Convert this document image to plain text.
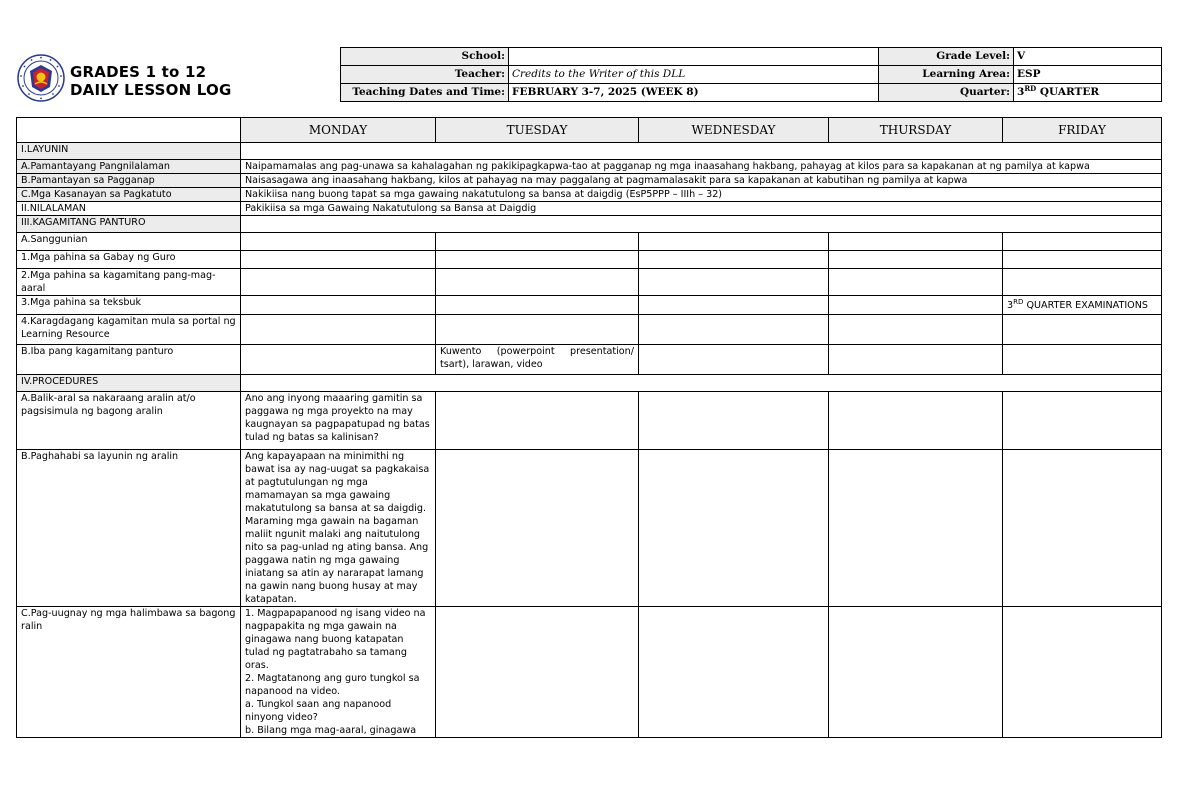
GRADES 1 to 12
DAILY LESSON LOG
School:		Grade Level:	V
Teacher:	Credits to the Writer of this DLL	Learning Area:	ESP
Teaching Dates and Time:	FEBRUARY 3-7, 2025 (WEEK 8)	Quarter:	3RD QUARTER
	MONDAY	TUESDAY	WEDNESDAY	THURSDAY	FRIDAY
I.LAYUNIN					
A.Pamantayang Pangnilalaman	Naipamamalas ang pag-unawa sa kahalagahan ng pakikipagkapwa-tao at pagganap ng mga inaasahang hakbang, pahayag at kilos para sa kapakanan at ng pamilya at kapwa				
B.Pamantayan sa Pagganap	Naisasagawa ang inaasahang hakbang, kilos at pahayag na may paggalang at pagmamalasakit para sa kapakanan at kabutihan ng pamilya at kapwa				
C.Mga Kasanayan sa Pagkatuto	Nakikiisa nang buong tapat sa mga gawaing nakatutulong sa bansa at daigdig (EsP5PPP – IIIh – 32)				
II.NILALAMAN	Pakikiisa sa mga Gawaing Nakatutulong sa Bansa at Daigdig				
III.KAGAMITANG PANTURO					
A.Sanggunian					
1.Mga pahina sa Gabay ng Guro					
2.Mga pahina sa kagamitang pang-mag-aaral					
3.Mga pahina sa teksbuk					3RD QUARTER EXAMINATIONS
4.Karagdagang kagamitan mula sa portal ng Learning Resource					
B.Iba pang kagamitang panturo		Kuwento (powerpoint presentation/
tsart), larawan, video			

IV.PROCEDURES					
A.Balik-aral sa nakaraang aralin at/o pagsisimula ng bagong aralin	Ano ang inyong maaaring gamitin sa paggawa ng mga proyekto na may kaugnayan sa pagpapatupad ng batas tulad ng batas sa kalinisan?				
B.Paghahabi sa layunin ng aralin	Ang kapayapaan na minimithi ng bawat isa ay nag-uugat sa pagkakaisa at pagtutulungan ng mga mamamayan sa mga gawaing makatutulong sa bansa at sa daigdig. Maraming mga gawain na bagaman maliit ngunit malaki ang naitutulong nito sa pag-unlad ng ating bansa. Ang paggawa natin ng mga gawaing iniatang sa atin ay nararapat lamang na gawin nang buong husay at may katapatan.				
C.Pag-uugnay ng mga halimbawa sa bagong ralin	1. Magpapapanood ng isang video na nagpapakita ng mga gawain na ginagawa nang buong katapatan tulad ng pagtatrabaho sa tamang oras.
2. Magtatanong ang guro tungkol sa napanood na video.
a. Tungkol saan ang napanood ninyong video?
b. Bilang mga mag-aaral, ginagawa				
